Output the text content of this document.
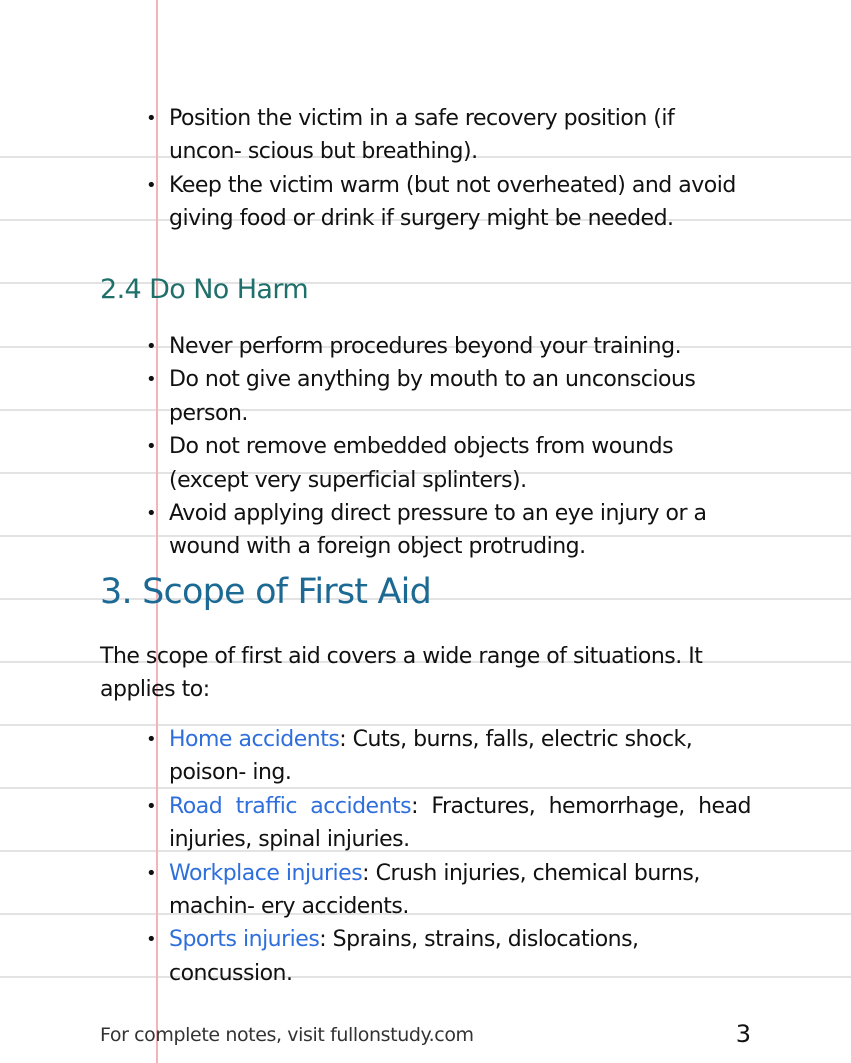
• Position the victim in a safe recovery position (if uncon- scious but breathing).
• Keep the victim warm (but not overheated) and avoid giving food or drink if surgery might be needed.
2.4 Do No Harm
• Never perform procedures beyond your training.
• Do not give anything by mouth to an unconscious person.
• Do not remove embedded objects from wounds (except very superficial splinters).
• Avoid applying direct pressure to an eye injury or a wound with a foreign object protruding.
3. Scope of First Aid

The scope of first aid covers a wide range of situations. It applies to:

• Home accidents: Cuts, burns, falls, electric shock, poison- ing.
• Road traffic accidents: Fractures, hemorrhage, head injuries, spinal injuries.
• Workplace injuries: Crush injuries, chemical burns, machin- ery accidents.
• Sports injuries: Sprains, strains, dislocations, concussion.
For complete notes, visit fullonstudy.com	3
